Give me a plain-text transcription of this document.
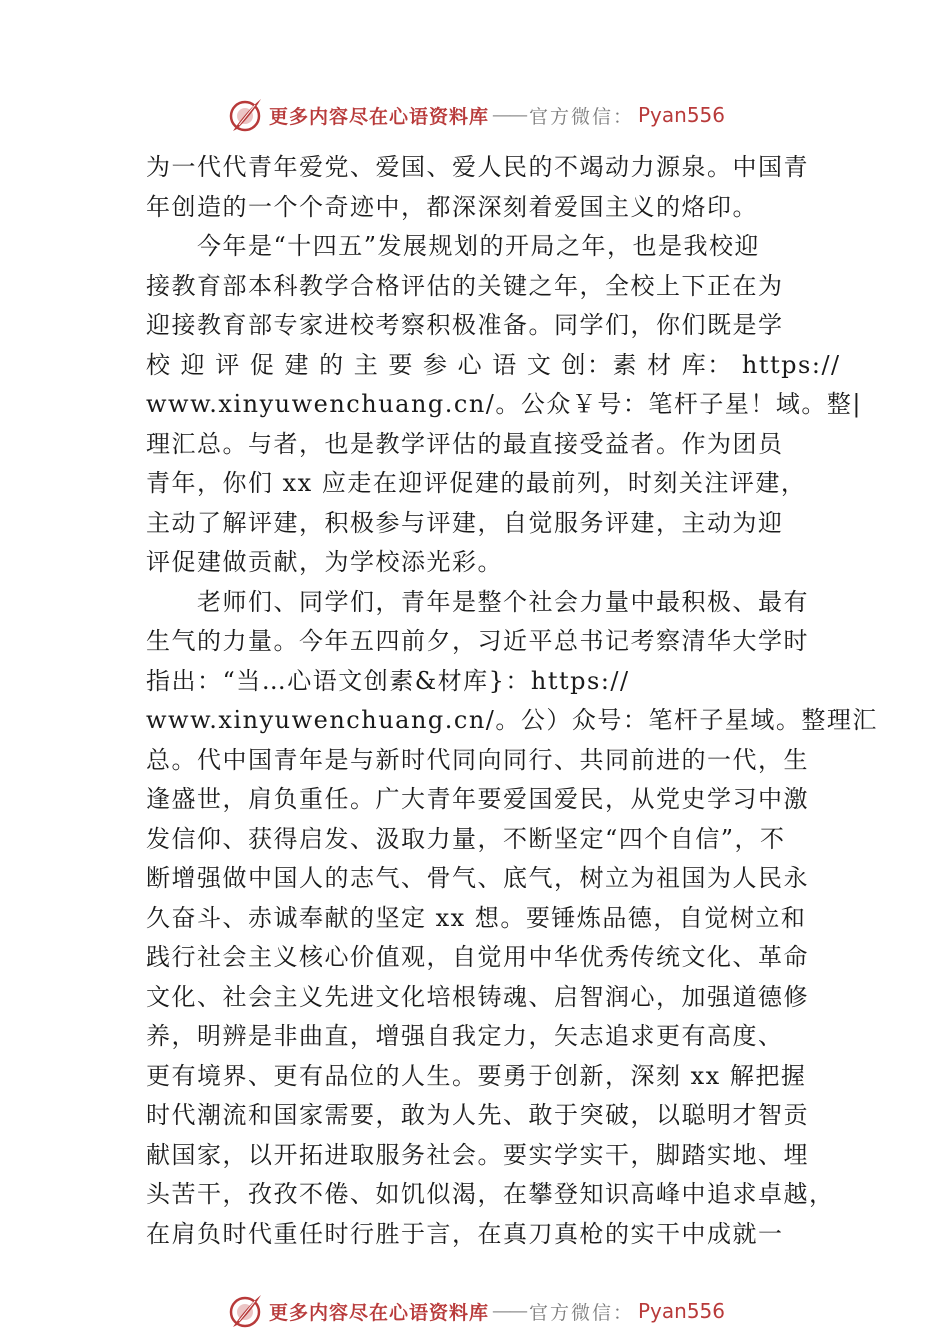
更多内容尽在心语资料库 —— 官方微信： Pyan556
为一代代青年爱党、爱国、爱人民的不竭动力源泉。中国青
年创造的一个个奇迹中，都深深刻着爱国主义的烙印。
　　今年是“十四五”发展规划的开局之年，也是我校迎
接教育部本科教学合格评估的关键之年，全校上下正在为
迎接教育部专家进校考察积极准备。同学们，你们既是学
校 迎 评 促 建 的 主 要 参 心 语 文 创：素 材 库： https://
www.xinyuwenchuang.cn/。公众￥号：笔杆子星！域。整|
理汇总。与者，也是教学评估的最直接受益者。作为团员
青年，你们 xx 应走在迎评促建的最前列，时刻关注评建，
主动了解评建，积极参与评建，自觉服务评建，主动为迎
评促建做贡献，为学校添光彩。
　　老师们、同学们，青年是整个社会力量中最积极、最有
生气的力量。今年五四前夕，习近平总书记考察清华大学时
指出：“当…心语文创素&材库}：https://
www.xinyuwenchuang.cn/。公）众号：笔杆子星域。整理汇
总。代中国青年是与新时代同向同行、共同前进的一代，生
逢盛世，肩负重任。广大青年要爱国爱民，从党史学习中激
发信仰、获得启发、汲取力量，不断坚定“四个自信”，不
断增强做中国人的志气、骨气、底气，树立为祖国为人民永
久奋斗、赤诚奉献的坚定 xx 想。要锤炼品德，自觉树立和
践行社会主义核心价值观，自觉用中华优秀传统文化、革命
文化、社会主义先进文化培根铸魂、启智润心，加强道德修
养，明辨是非曲直，增强自我定力，矢志追求更有高度、
更有境界、更有品位的人生。要勇于创新，深刻 xx 解把握
时代潮流和国家需要，敢为人先、敢于突破，以聪明才智贡
献国家，以开拓进取服务社会。要实学实干，脚踏实地、埋
头苦干，孜孜不倦、如饥似渴，在攀登知识高峰中追求卓越，
在肩负时代重任时行胜于言，在真刀真枪的实干中成就一
更多内容尽在心语资料库 —— 官方微信： Pyan556
